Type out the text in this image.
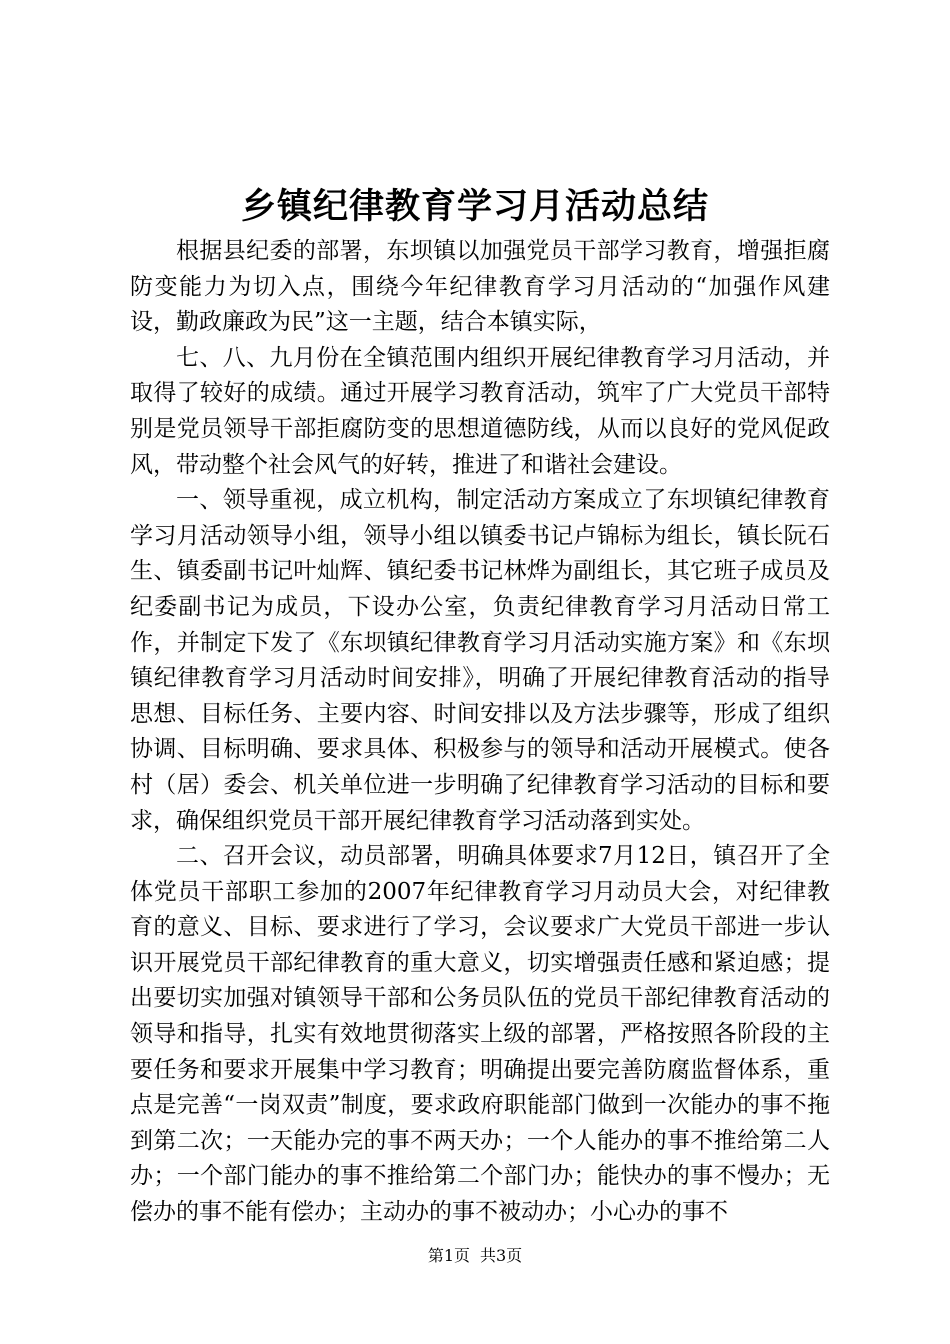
乡镇纪律教育学习月活动总结

根据县纪委的部署，东坝镇以加强党员干部学习教育，增强拒腐防变能力为切入点，围绕今年纪律教育学习月活动的“加强作风建设，勤政廉政为民”这一主题，结合本镇实际，

七、八、九月份在全镇范围内组织开展纪律教育学习月活动，并取得了较好的成绩。通过开展学习教育活动，筑牢了广大党员干部特别是党员领导干部拒腐防变的思想道德防线，从而以良好的党风促政风，带动整个社会风气的好转，推进了和谐社会建设。

一、领导重视，成立机构，制定活动方案成立了东坝镇纪律教育学习月活动领导小组，领导小组以镇委书记卢锦标为组长，镇长阮石生、镇委副书记叶灿辉、镇纪委书记林烨为副组长，其它班子成员及纪委副书记为成员，下设办公室，负责纪律教育学习月活动日常工作，并制定下发了《东坝镇纪律教育学习月活动实施方案》和《东坝镇纪律教育学习月活动时间安排》，明确了开展纪律教育活动的指导思想、目标任务、主要内容、时间安排以及方法步骤等，形成了组织协调、目标明确、要求具体、积极参与的领导和活动开展模式。使各村（居）委会、机关单位进一步明确了纪律教育学习活动的目标和要求，确保组织党员干部开展纪律教育学习活动落到实处。

二、召开会议，动员部署，明确具体要求7月12日，镇召开了全体党员干部职工参加的2007年纪律教育学习月动员大会，对纪律教育的意义、目标、要求进行了学习，会议要求广大党员干部进一步认识开展党员干部纪律教育的重大意义，切实增强责任感和紧迫感；提出要切实加强对镇领导干部和公务员队伍的党员干部纪律教育活动的领导和指导，扎实有效地贯彻落实上级的部署，严格按照各阶段的主要任务和要求开展集中学习教育；明确提出要完善防腐监督体系，重点是完善“一岗双责”制度，要求政府职能部门做到一次能办的事不拖到第二次；一天能办完的事不两天办；一个人能办的事不推给第二人办；一个部门能办的事不推给第二个部门办；能快办的事不慢办；无偿办的事不能有偿办；主动办的事不被动办；小心办的事不

第1页 共3页
